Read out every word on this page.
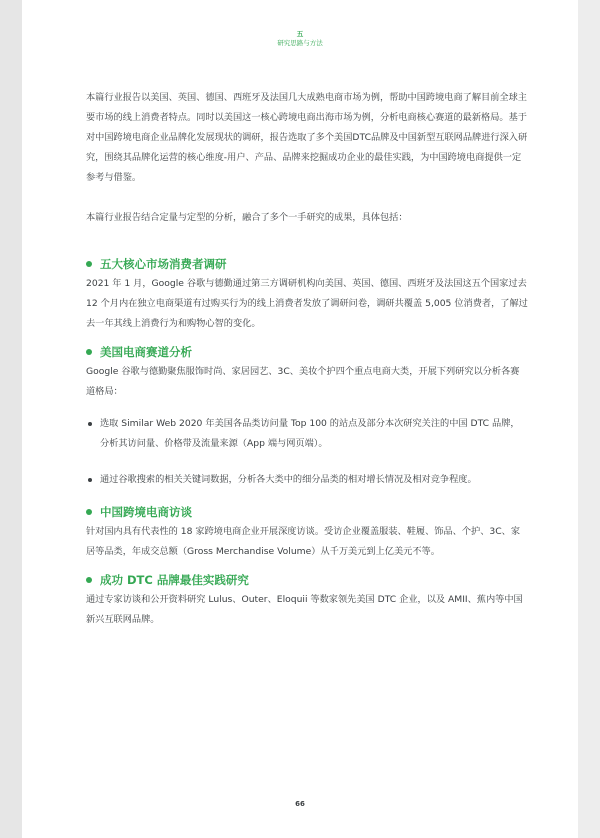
五
研究思路与方法

本篇行业报告以美国、英国、德国、西班牙及法国几大成熟电商市场为例，帮助中国跨境电商了解目前全球主要市场的线上消费者特点。同时以美国这一核心跨境电商出海市场为例，分析电商核心赛道的最新格局。基于对中国跨境电商企业品牌化发展现状的调研，报告选取了多个美国DTC品牌及中国新型互联网品牌进行深入研究，围绕其品牌化运营的核心维度-用户、产品、品牌来挖掘成功企业的最佳实践，为中国跨境电商提供一定参考与借鉴。

本篇行业报告结合定量与定型的分析，融合了多个一手研究的成果，具体包括：

五大核心市场消费者调研

2021 年 1 月，Google 谷歌与德勤通过第三方调研机构向美国、英国、德国、西班牙及法国这五个国家过去 12 个月内在独立电商渠道有过购买行为的线上消费者发放了调研问卷，调研共覆盖 5,005 位消费者，了解过去一年其线上消费行为和购物心智的变化。

美国电商赛道分析

Google 谷歌与德勤聚焦服饰时尚、家居园艺、3C、美妆个护四个重点电商大类，开展下列研究以分析各赛道格局：

选取 Similar Web 2020 年美国各品类访问量 Top 100 的站点及部分本次研究关注的中国 DTC 品牌，分析其访问量、价格带及流量来源（App 端与网页端）。
通过谷歌搜索的相关关键词数据，分析各大类中的细分品类的相对增长情况及相对竞争程度。
中国跨境电商访谈

针对国内具有代表性的 18 家跨境电商企业开展深度访谈。受访企业覆盖服装、鞋履、饰品、个护、3C、家居等品类，年成交总额（Gross Merchandise Volume）从千万美元到上亿美元不等。

成功 DTC 品牌最佳实践研究

通过专家访谈和公开资料研究 Lulus、Outer、Eloquii 等数家领先美国 DTC 企业，以及 AMII、蕉内等中国新兴互联网品牌。

66
